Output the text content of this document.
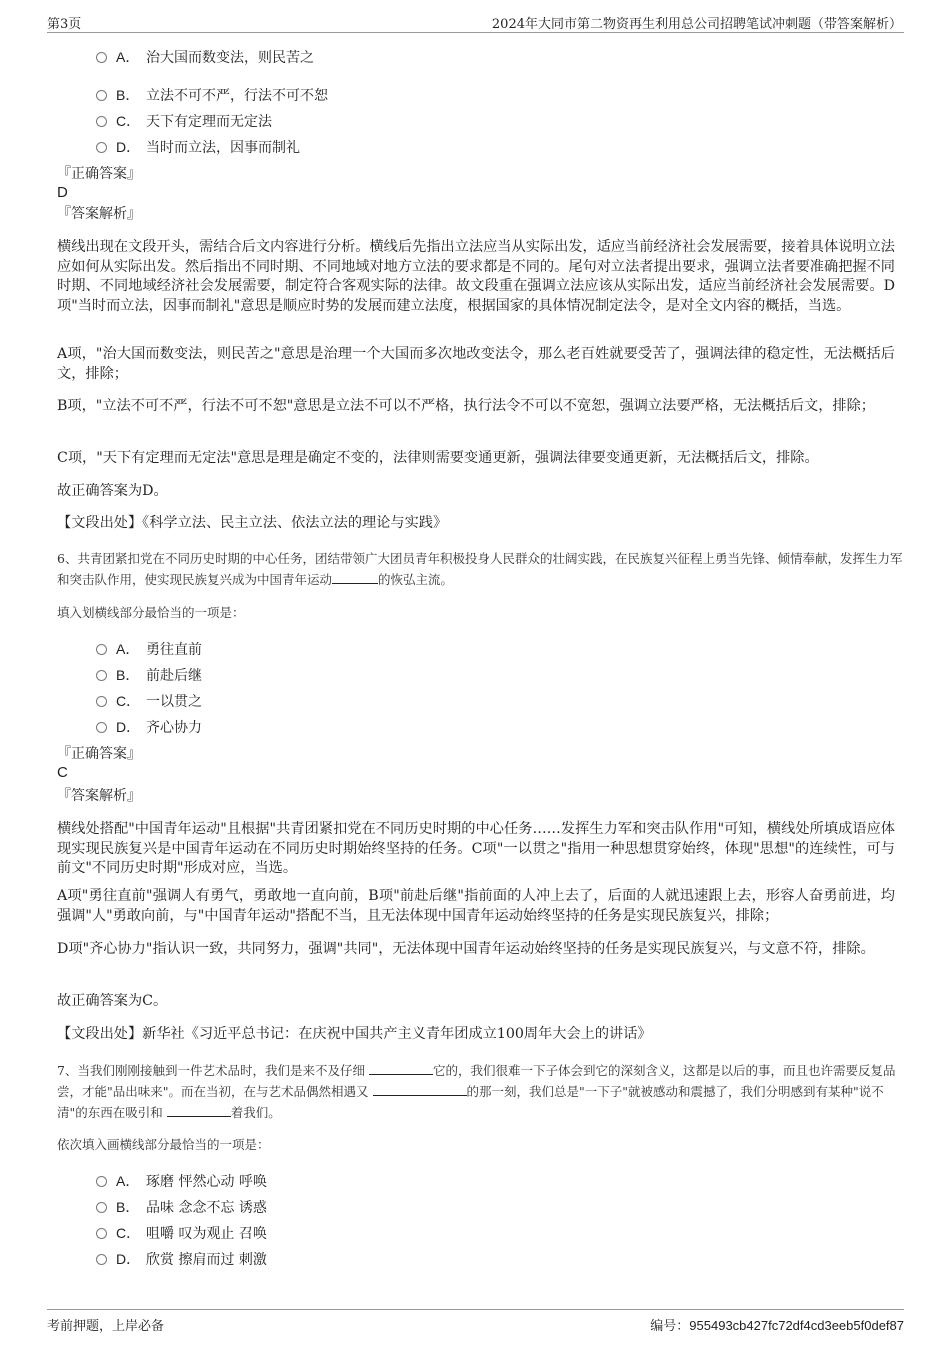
第3页	2024年大同市第二物资再生利用总公司招聘笔试冲刺题（带答案解析）
A． 治大国而数变法，则民苦之
B． 立法不可不严，行法不可不恕
C． 天下有定理而无定法
D． 当时而立法，因事而制礼
『正确答案』
D
『答案解析』
横线出现在文段开头，需结合后文内容进行分析。横线后先指出立法应当从实际出发，适应当前经济社会发展需要，接着具体说明立法应如何从实际出发。然后指出不同时期、不同地域对地方立法的要求都是不同的。尾句对立法者提出要求，强调立法者要准确把握不同时期、不同地域经济社会发展需要，制定符合客观实际的法律。故文段重在强调立法应该从实际出发，适应当前经济社会发展需要。D项"当时而立法，因事而制礼"意思是顺应时势的发展而建立法度，根据国家的具体情况制定法令，是对全文内容的概括，当选。
A项，"治大国而数变法，则民苦之"意思是治理一个大国而多次地改变法令，那么老百姓就要受苦了，强调法律的稳定性，无法概括后文，排除；
B项，"立法不可不严，行法不可不恕"意思是立法不可以不严格，执行法令不可以不宽恕，强调立法要严格，无法概括后文，排除；
C项，"天下有定理而无定法"意思是理是确定不变的，法律则需要变通更新，强调法律要变通更新，无法概括后文，排除。
故正确答案为D。
【文段出处】《科学立法、民主立法、依法立法的理论与实践》
6、共青团紧扣党在不同历史时期的中心任务，团结带领广大团员青年积极投身人民群众的壮阔实践，在民族复兴征程上勇当先锋、倾情奉献，发挥生力军和突击队作用，使实现民族复兴成为中国青年运动	的恢弘主流。
填入划横线部分最恰当的一项是：
A． 勇往直前
B． 前赴后继
C． 一以贯之
D． 齐心协力
『正确答案』
C
『答案解析』
横线处搭配"中国青年运动"且根据"共青团紧扣党在不同历史时期的中心任务……发挥生力军和突击队作用"可知，横线处所填成语应体现实现民族复兴是中国青年运动在不同历史时期始终坚持的任务。C项"一以贯之"指用一种思想贯穿始终，体现"思想"的连续性，可与前文"不同历史时期"形成对应，当选。
A项"勇往直前"强调人有勇气，勇敢地一直向前，B项"前赴后继"指前面的人冲上去了，后面的人就迅速跟上去，形容人奋勇前进，均强调"人"勇敢向前，与"中国青年运动"搭配不当，且无法体现中国青年运动始终坚持的任务是实现民族复兴，排除；
D项"齐心协力"指认识一致，共同努力，强调"共同"，无法体现中国青年运动始终坚持的任务是实现民族复兴，与文意不符，排除。
故正确答案为C。
【文段出处】新华社《习近平总书记：在庆祝中国共产主义青年团成立100周年大会上的讲话》
7、当我们刚刚接触到一件艺术品时，我们是来不及仔细	它的，我们很难一下子体会到它的深刻含义，这都是以后的事，而且也许需要反复品尝，才能"品出味来"。而在当初，在与艺术品偶然相遇又	的那一刻，我们总是"一下子"就被感动和震撼了，我们分明感到有某种"说不清"的东西在吸引和	着我们。
依次填入画横线部分最恰当的一项是：
A． 琢磨 怦然心动 呼唤
B． 品味 念念不忘 诱惑
C． 咀嚼 叹为观止 召唤
D． 欣赏 擦肩而过 刺激
考前押题，上岸必备	编号：955493cb427fc72df4cd3eeb5f0def87
